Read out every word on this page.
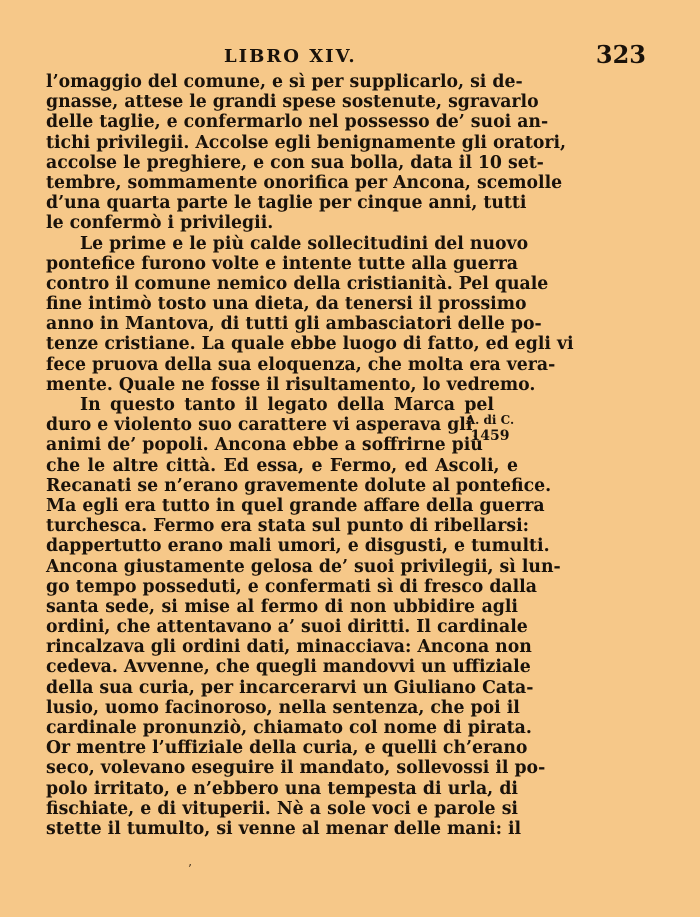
LIBRO XIV.	323
l’omaggio del comune, e sì per supplicarlo, si de-
gnasse, attese le grandi spese sostenute, sgravarlo
delle taglie, e confermarlo nel possesso de’ suoi an-
tichi privilegii. Accolse egli benignamente gli oratori,
accolse le preghiere, e con sua bolla, data il 10 set-
tembre, sommamente onorifica per Ancona, scemolle
d’una quarta parte le taglie per cinque anni, tutti
le confermò i privilegii.
Le prime e le più calde sollecitudini del nuovo
pontefice furono volte e intente tutte alla guerra
contro il comune nemico della cristianità. Pel quale
fine intimò tosto una dieta, da tenersi il prossimo
anno in Mantova, di tutti gli ambasciatori delle po-
tenze cristiane. La quale ebbe luogo di fatto, ed egli vi
fece pruova della sua eloquenza, che molta era vera-
mente. Quale ne fosse il risultamento, lo vedremo.
In questo tanto il legato della Marca pel
duro e violento suo carattere vi asperava gli
animi de’ popoli. Ancona ebbe a soffrirne più
che le altre città. Ed essa, e Fermo, ed Ascoli, e
Recanati se n’erano gravemente dolute al pontefice.
Ma egli era tutto in quel grande affare della guerra
turchesca. Fermo era stata sul punto di ribellarsi:
dappertutto erano mali umori, e disgusti, e tumulti.
Ancona giustamente gelosa de’ suoi privilegii, sì lun-
go tempo posseduti, e confermati sì di fresco dalla
santa sede, si mise al fermo di non ubbidire agli
ordini, che attentavano a’ suoi diritti. Il cardinale
rincalzava gli ordini dati, minacciava: Ancona non
cedeva. Avvenne, che quegli mandovvi un uffiziale
della sua curia, per incarcerarvi un Giuliano Cata-
lusio, uomo facinoroso, nella sentenza, che poi il
cardinale pronunziò, chiamato col nome di pirata.
Or mentre l’uffiziale della curia, e quelli ch’erano
seco, volevano eseguire il mandato, sollevossi il po-
polo irritato, e n’ebbero una tempesta di urla, di
fischiate, e di vituperii. Nè a sole voci e parole si
stette il tumulto, si venne al menar delle mani: il
A. di C.
1459
’
